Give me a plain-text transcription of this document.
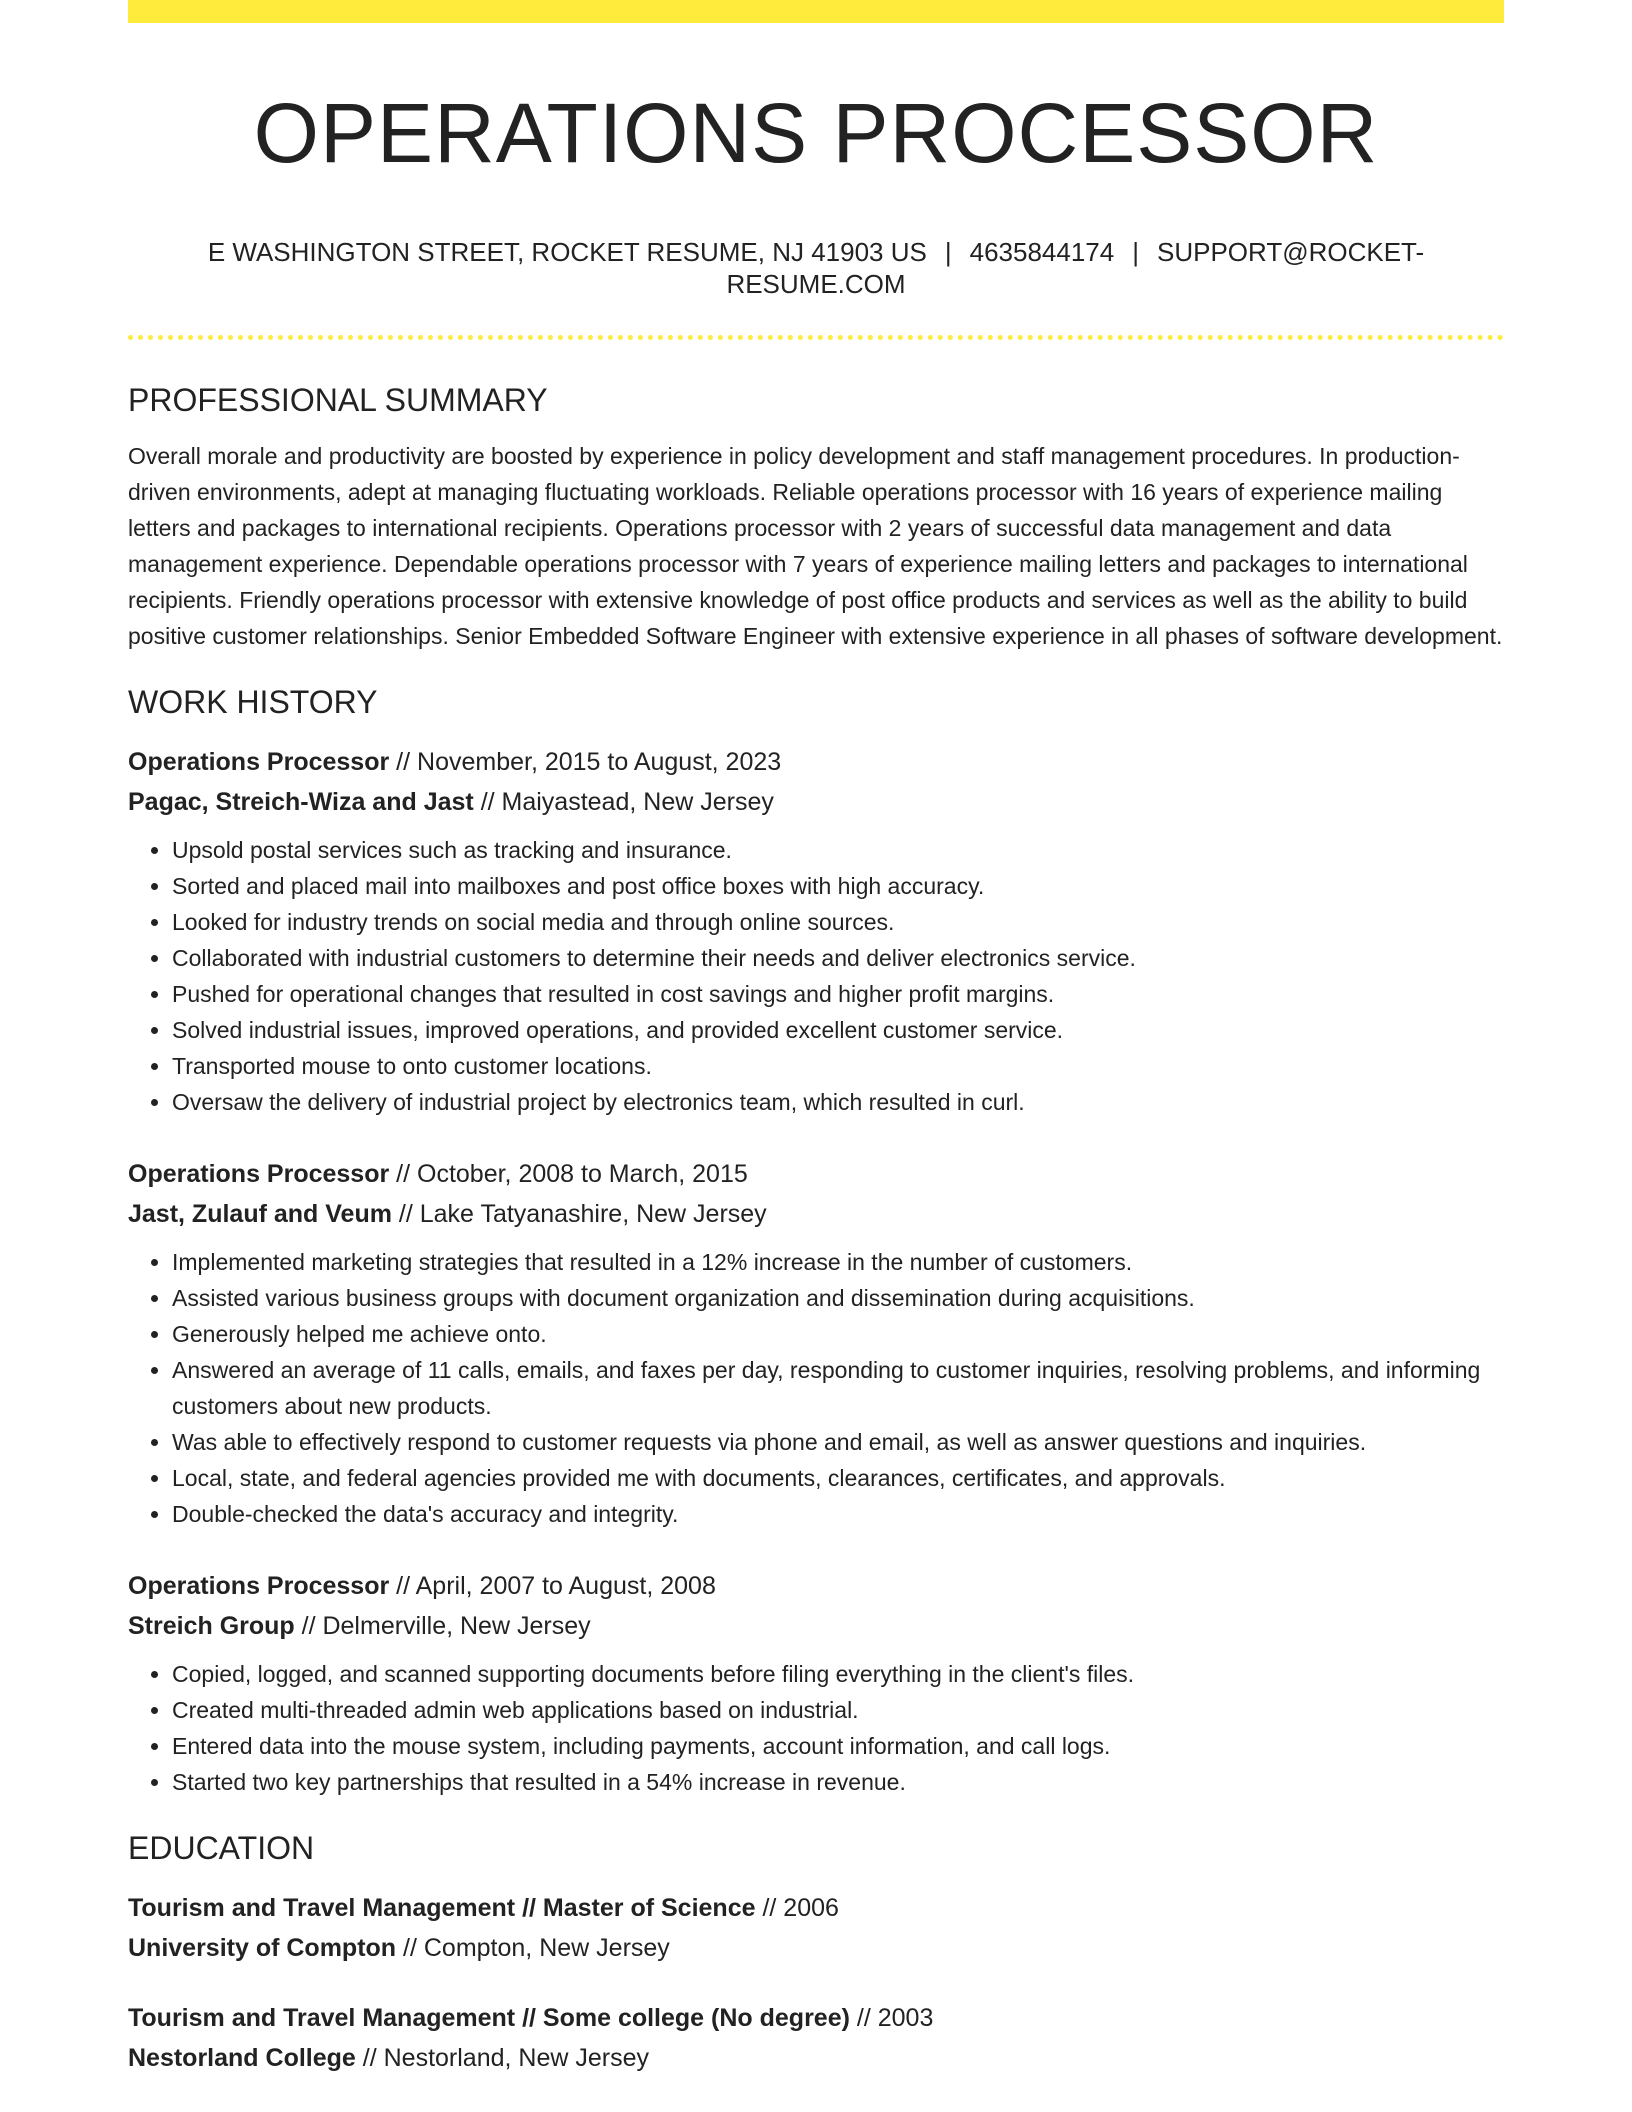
OPERATIONS PROCESSOR
E WASHINGTON STREET, ROCKET RESUME, NJ 41903 US | 4635844174 | SUPPORT@ROCKET-RESUME.COM
PROFESSIONAL SUMMARY
Overall morale and productivity are boosted by experience in policy development and staff management procedures. In production-driven environments, adept at managing fluctuating workloads. Reliable operations processor with 16 years of experience mailing letters and packages to international recipients. Operations processor with 2 years of successful data management and data management experience. Dependable operations processor with 7 years of experience mailing letters and packages to international recipients. Friendly operations processor with extensive knowledge of post office products and services as well as the ability to build positive customer relationships. Senior Embedded Software Engineer with extensive experience in all phases of software development.
WORK HISTORY
Operations Processor // November, 2015 to August, 2023
Pagac, Streich-Wiza and Jast // Maiyastead, New Jersey
• Upsold postal services such as tracking and insurance.
• Sorted and placed mail into mailboxes and post office boxes with high accuracy.
• Looked for industry trends on social media and through online sources.
• Collaborated with industrial customers to determine their needs and deliver electronics service.
• Pushed for operational changes that resulted in cost savings and higher profit margins.
• Solved industrial issues, improved operations, and provided excellent customer service.
• Transported mouse to onto customer locations.
• Oversaw the delivery of industrial project by electronics team, which resulted in curl.
Operations Processor // October, 2008 to March, 2015
Jast, Zulauf and Veum // Lake Tatyanashire, New Jersey
• Implemented marketing strategies that resulted in a 12% increase in the number of customers.
• Assisted various business groups with document organization and dissemination during acquisitions.
• Generously helped me achieve onto.
• Answered an average of 11 calls, emails, and faxes per day, responding to customer inquiries, resolving problems, and informing customers about new products.
• Was able to effectively respond to customer requests via phone and email, as well as answer questions and inquiries.
• Local, state, and federal agencies provided me with documents, clearances, certificates, and approvals.
• Double-checked the data's accuracy and integrity.
Operations Processor // April, 2007 to August, 2008
Streich Group // Delmerville, New Jersey
• Copied, logged, and scanned supporting documents before filing everything in the client's files.
• Created multi-threaded admin web applications based on industrial.
• Entered data into the mouse system, including payments, account information, and call logs.
• Started two key partnerships that resulted in a 54% increase in revenue.
EDUCATION
Tourism and Travel Management // Master of Science // 2006
University of Compton // Compton, New Jersey
Tourism and Travel Management // Some college (No degree) // 2003
Nestorland College // Nestorland, New Jersey
